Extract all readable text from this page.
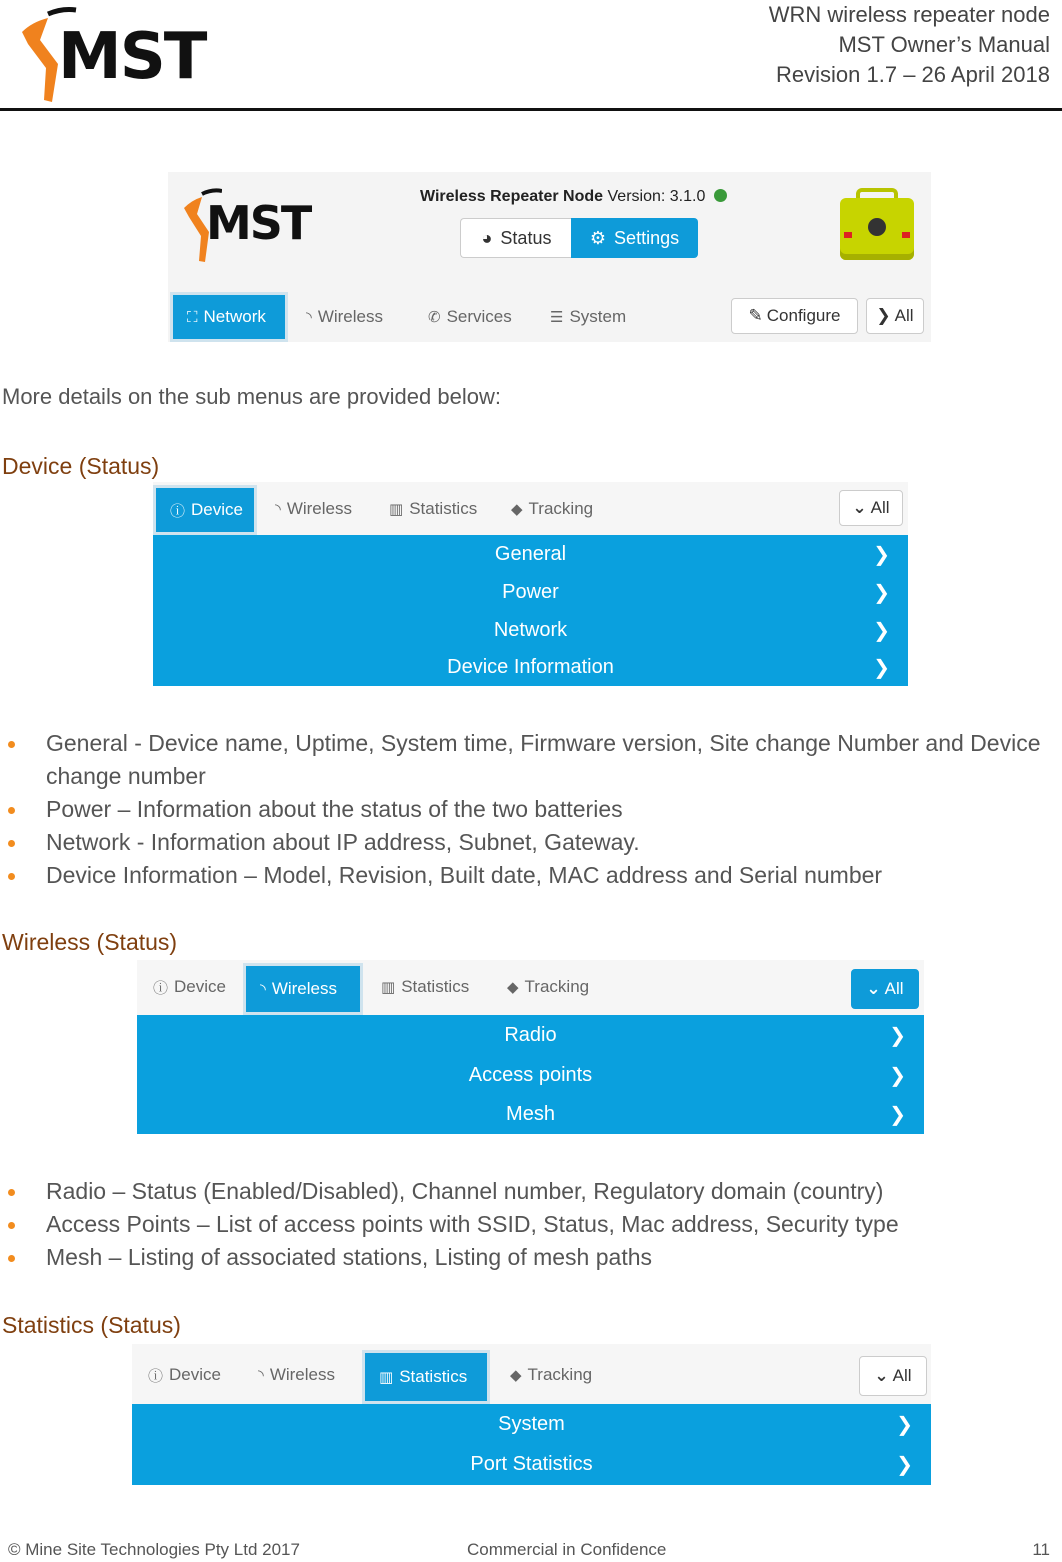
MST
WRN wireless repeater node
MST Owner’s Manual
Revision 1.7 – 26 April 2018
MST	Wireless Repeater Node Version: 3.1.0
◕ Status ⚙ Settings
⛶ Network	◝ Wireless	✆ Services	☰ System	✎ Configure ❯ All
More details on the sub menus are provided below:
Device (Status)
ⓘ Device ◝ Wireless ▥ Statistics ◆ Tracking	⌄ All
General	❯
Power	❯
Network	❯
Device Information	❯
General - Device name, Uptime, System time, Firmware version, Site change Number and Device change number
Power – Information about the status of the two batteries
Network - Information about IP address, Subnet, Gateway.
Device Information – Model, Revision, Built date, MAC address and Serial number
Wireless (Status)
ⓘ Device ◝ Wireless	▥ Statistics	◆ Tracking	⌄ All
Radio	❯
Access points	❯
Mesh	❯
Radio – Status (Enabled/Disabled), Channel number, Regulatory domain (country)
Access Points – List of access points with SSID, Status, Mac address, Security type
Mesh – Listing of associated stations, Listing of mesh paths
Statistics (Status)
ⓘ Device ◝ Wireless	▥ Statistics	◆ Tracking	⌄ All
System	❯
Port Statistics	❯
© Mine Site Technologies Pty Ltd 2017	Commercial in Confidence	11
